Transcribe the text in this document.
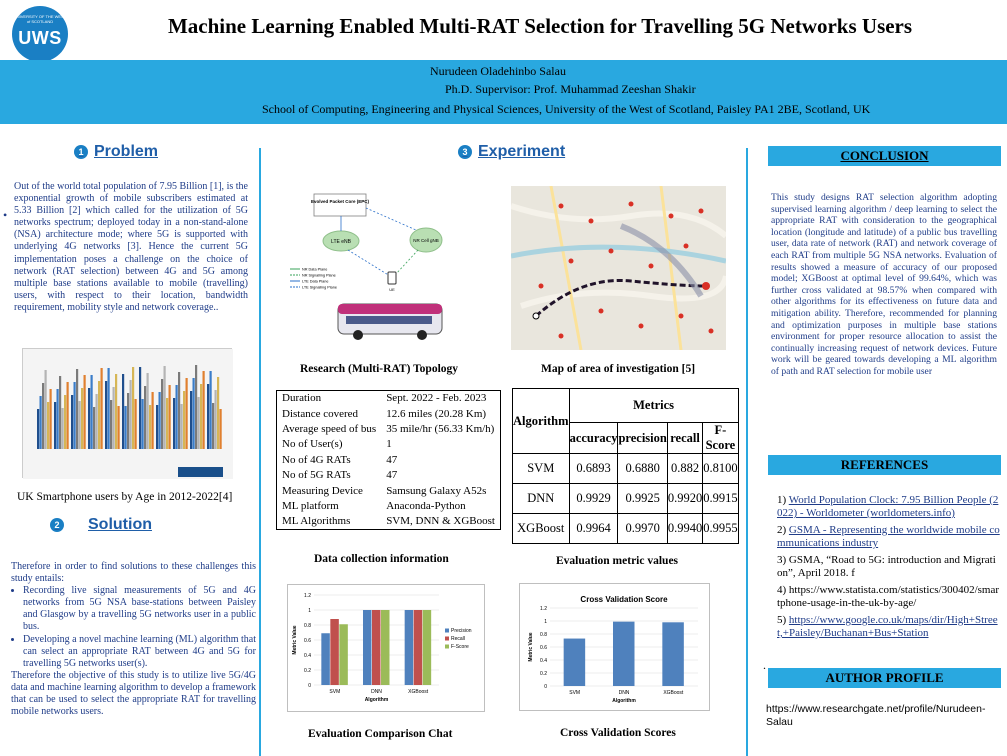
UNIVERSITY OF THE WEST of SCOTLAND
UWS	Machine Learning Enabled Multi-RAT Selection for Travelling 5G Networks Users
Nurudeen Oladehinbo Salau
Ph.D. Supervisor: Prof. Muhammad Zeeshan Shakir
School of Computing, Engineering and Physical Sciences, University of the West of Scotland, Paisley PA1 2BE, Scotland, UK
1 Problem
•
Out of the world total population of 7.95 Billion [1], is the exponential growth of mobile subscribers estimated at 5.33 Billion [2] which called for the utilization of 5G networks spectrum; deployed today in a non-stand-alone (NSA) architecture mode; where 5G is supported with underlying 4G networks [3]. Hence the current 5G implementation poses a challenge on the choice of network (RAT selection) between 4G and 5G among multiple base stations available to mobile (travelling) users, with respect to their location, bandwidth requirement, mobility style and network coverage..
UK Smartphone users by Age in 2012-2022[4]
2 Solution
Therefore in order to find solutions to these challenges this study entails:
• Recording live signal measurements of 5G and 4G networks from 5G NSA base-stations between Paisley and Glasgow by a travelling 5G networks user in a public bus.
• Developing a novel machine learning (ML) algorithm that can select an appropriate RAT between 4G and 5G for travelling 5G networks user(s).
Therefore the objective of this study is to utilize live 5G/4G data and machine learning algorithm to develop a framework that can be used to select the appropriate RAT for travelling mobile networks users.
3 Experiment
Evolved Packet Core (EPC)
LTE eNB	NR Cell gNB
UE
NR Data Plane
NR Signalling Plane
LTE Data Plane
LTE Signalling Plane
Research (Multi-RAT) Topology	Map of area of investigation [5]
Duration	Sept. 2022 - Feb. 2023
Distance covered	12.6 miles (20.28 Km)
Average speed of bus	35 mile/hr (56.33 Km/h)
No of User(s)	1
No of 4G RATs	47
No of 5G RATs	47
Measuring Device	Samsung Galaxy A52s
ML platform	Anaconda-Python
ML Algorithms	SVM, DNN & XGBoost
Algorithm	Metrics			
	accuracy	precision	recall	F-Score
SVM	0.6893	0.6880	0.882	0.8100
DNN	0.9929	0.9925	0.9920	0.9915
XGBoost	0.9964	0.9970	0.9940	0.9955
Data collection information	Evaluation metric values
0
0.2
0.4
0.6
0.8
1
1.2
SVM	DNN	XGBoost
Algorithm
Metric Value	Precision
Recall
F-Score
0
0.2
0.4
0.6
0.8
1
1.2
SVM	DNN	XGBoost
Algorithm
Metric Value
Cross Validation Score
Evaluation Comparison Chat	Cross Validation Scores
CONCLUSION
This study designs RAT selection algorithm adopting supervised learning algorithm / deep learning to select the appropriate RAT with consideration to the geographical location (longitude and latitude) of a public bus travelling user, data rate of network (RAT) and network coverage of each RAT from multiple 5G NSA networks. Evaluation of results showed a measure of accuracy of our proposed model; XGBoost at optimal level of 99.64%, which was further cross validated at 98.57% when compared with other algorithms for its effectiveness on future data and mitigation ability. Therefore, recommended for planning and optimization purposes in multiple base stations environment for proper resource allocation to assist the continually increasing request of network devices. Future work will be geared towards developing a ML algorithm of path and RAT selection for mobile user
REFERENCES
1) World Population Clock: 7.95 Billion People (2022) - Worldometer (worldometers.info)
2) GSMA - Representing the worldwide mobile communications industry
3) GSMA, “Road to 5G: introduction and Migration”, April 2018. f
4) https://www.statista.com/statistics/300402/smartphone-usage-in-the-uk-by-age/
5) https://www.google.co.uk/maps/dir/High+Street,+Paisley/Buchanan+Bus+Station
.
AUTHOR PROFILE
https://www.researchgate.net/profile/Nurudeen-Salau
